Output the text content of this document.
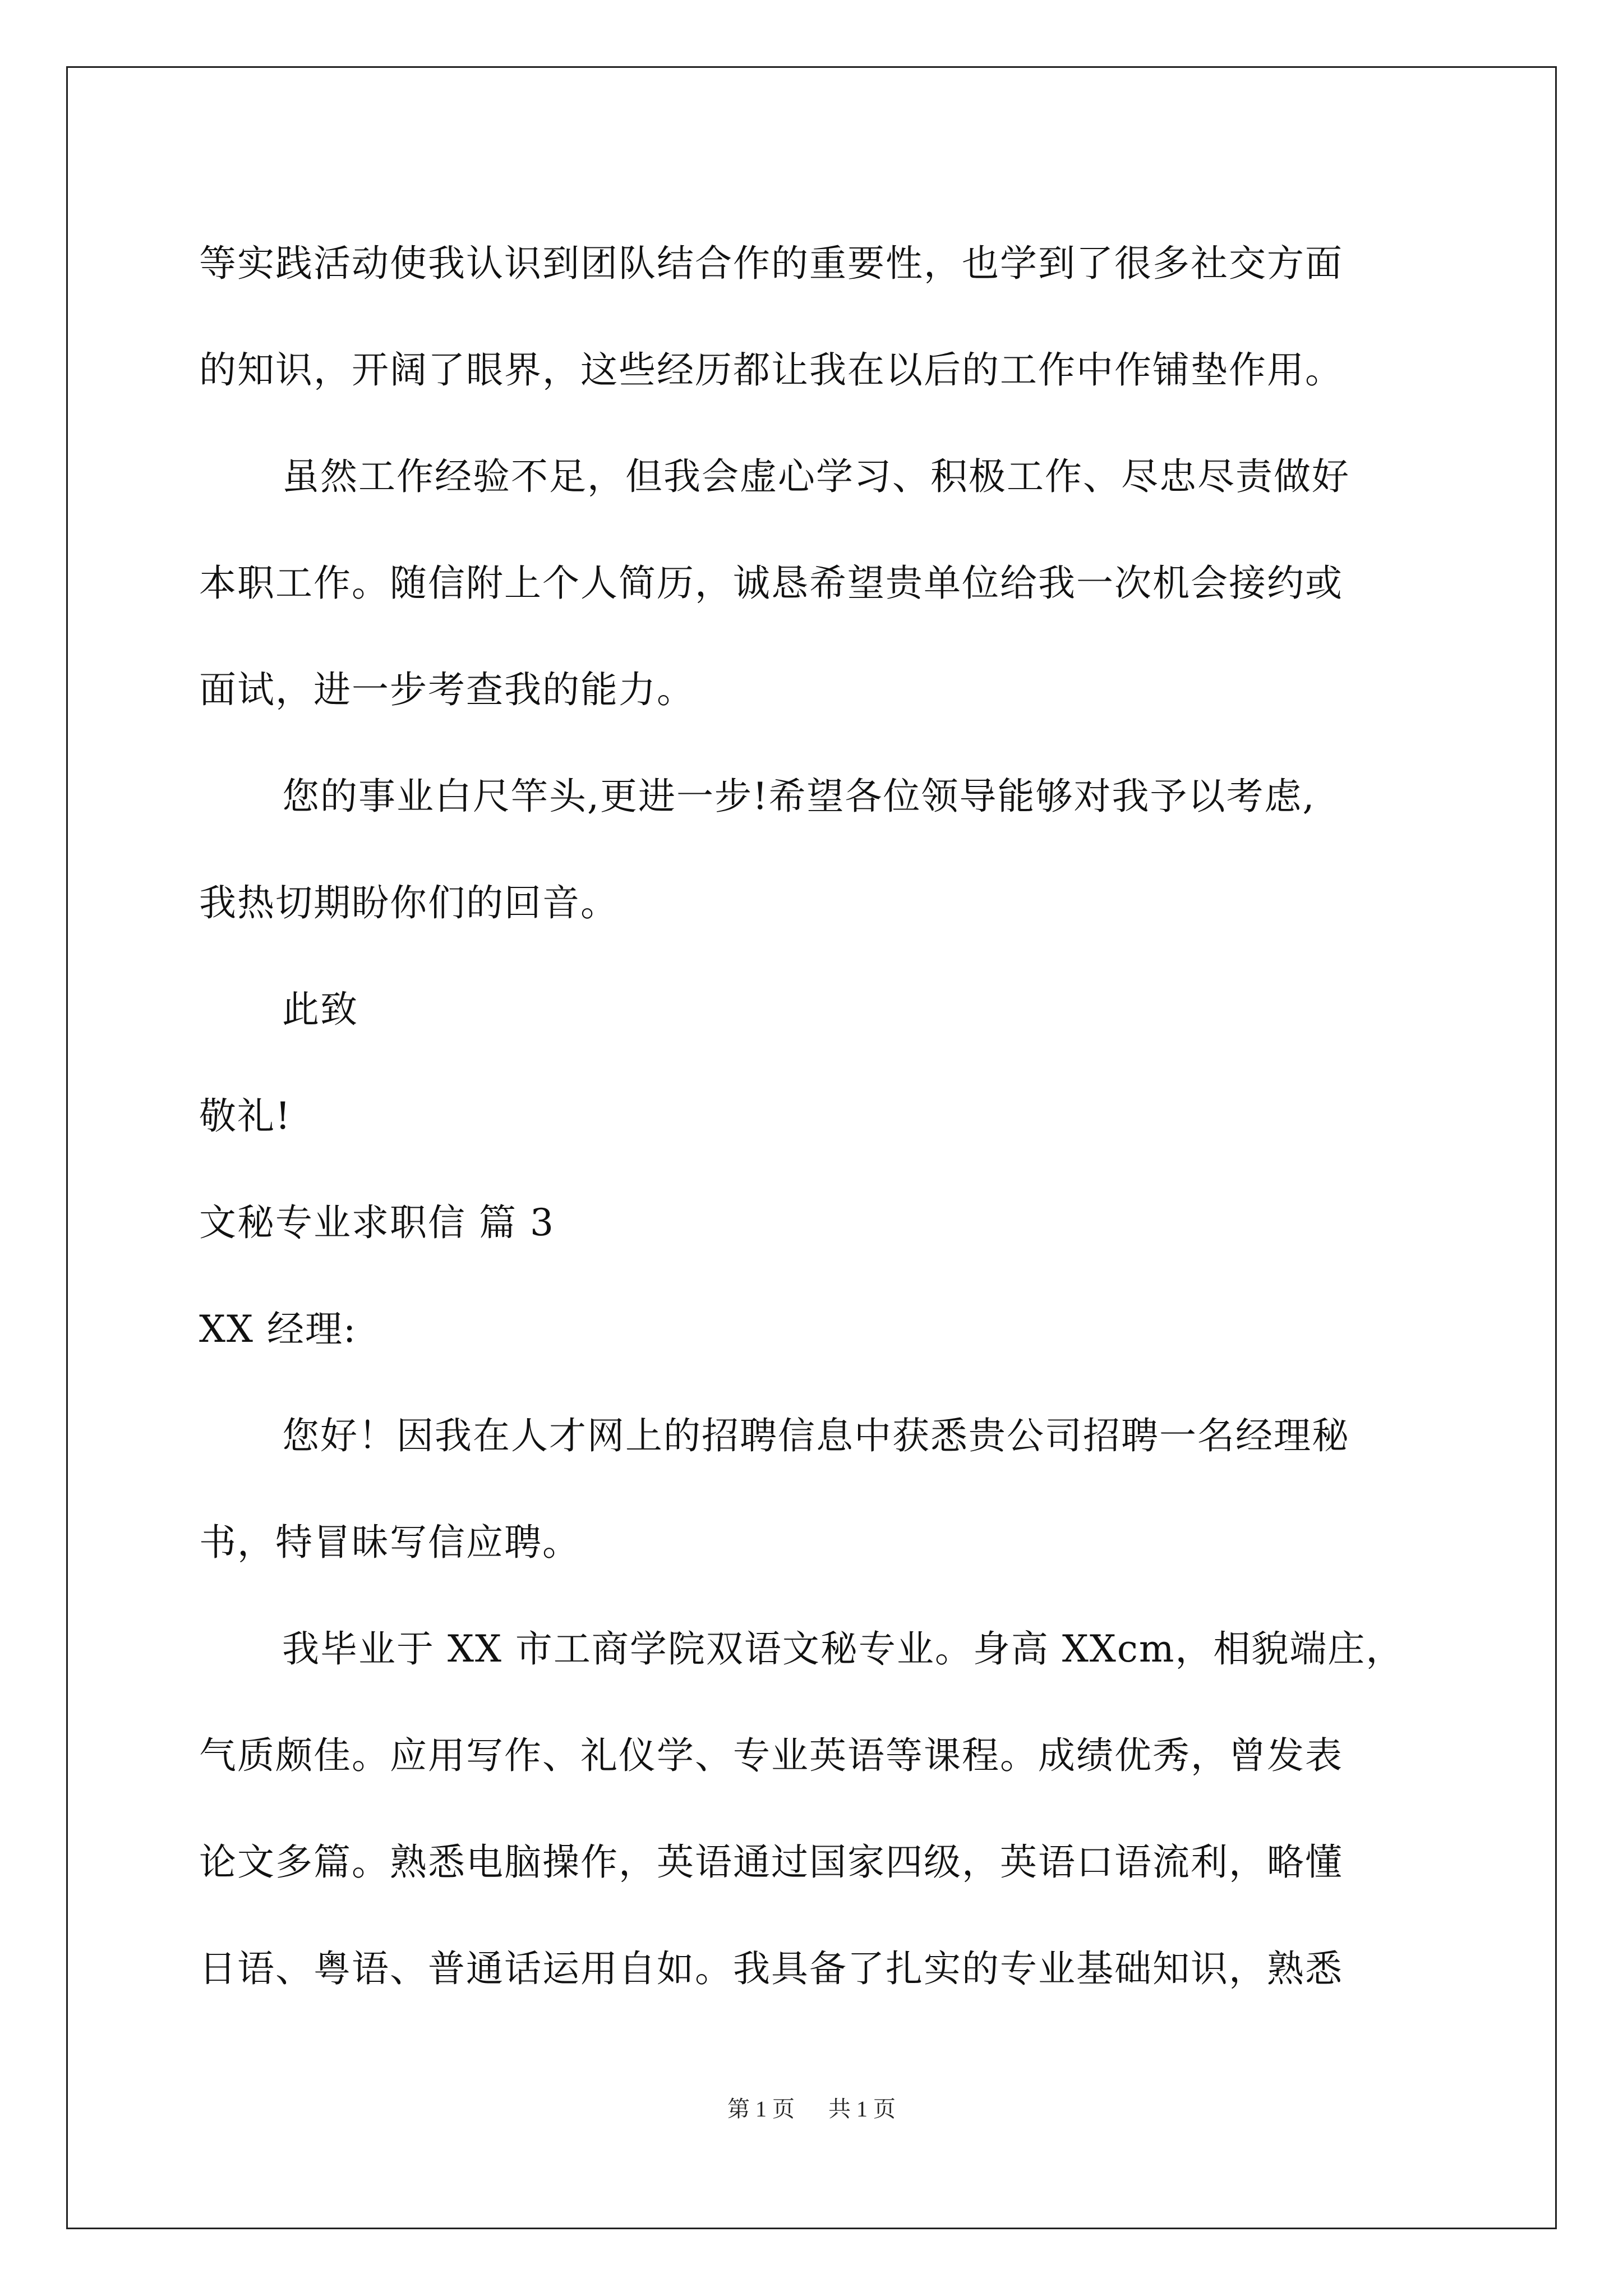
等实践活动使我认识到团队结合作的重要性，也学到了很多社交方面
的知识，开阔了眼界，这些经历都让我在以后的工作中作铺垫作用。
虽然工作经验不足，但我会虚心学习、积极工作、尽忠尽责做好
本职工作。随信附上个人简历，诚恳希望贵单位给我一次机会接约或
面试，进一步考查我的能力。
您的事业白尺竿头,更进一步!希望各位领导能够对我予以考虑,
我热切期盼你们的回音。
此致
敬礼!
文秘专业求职信 篇 3
XX 经理:
您好！因我在人才网上的招聘信息中获悉贵公司招聘一名经理秘
书，特冒昧写信应聘。
我毕业于 XX 市工商学院双语文秘专业。身高 XXcm，相貌端庄，
气质颇佳。应用写作、礼仪学、专业英语等课程。成绩优秀，曾发表
论文多篇。熟悉电脑操作，英语通过国家四级，英语口语流利，略懂
日语、粤语、普通话运用自如。我具备了扎实的专业基础知识，熟悉
第 1 页 共 1 页
